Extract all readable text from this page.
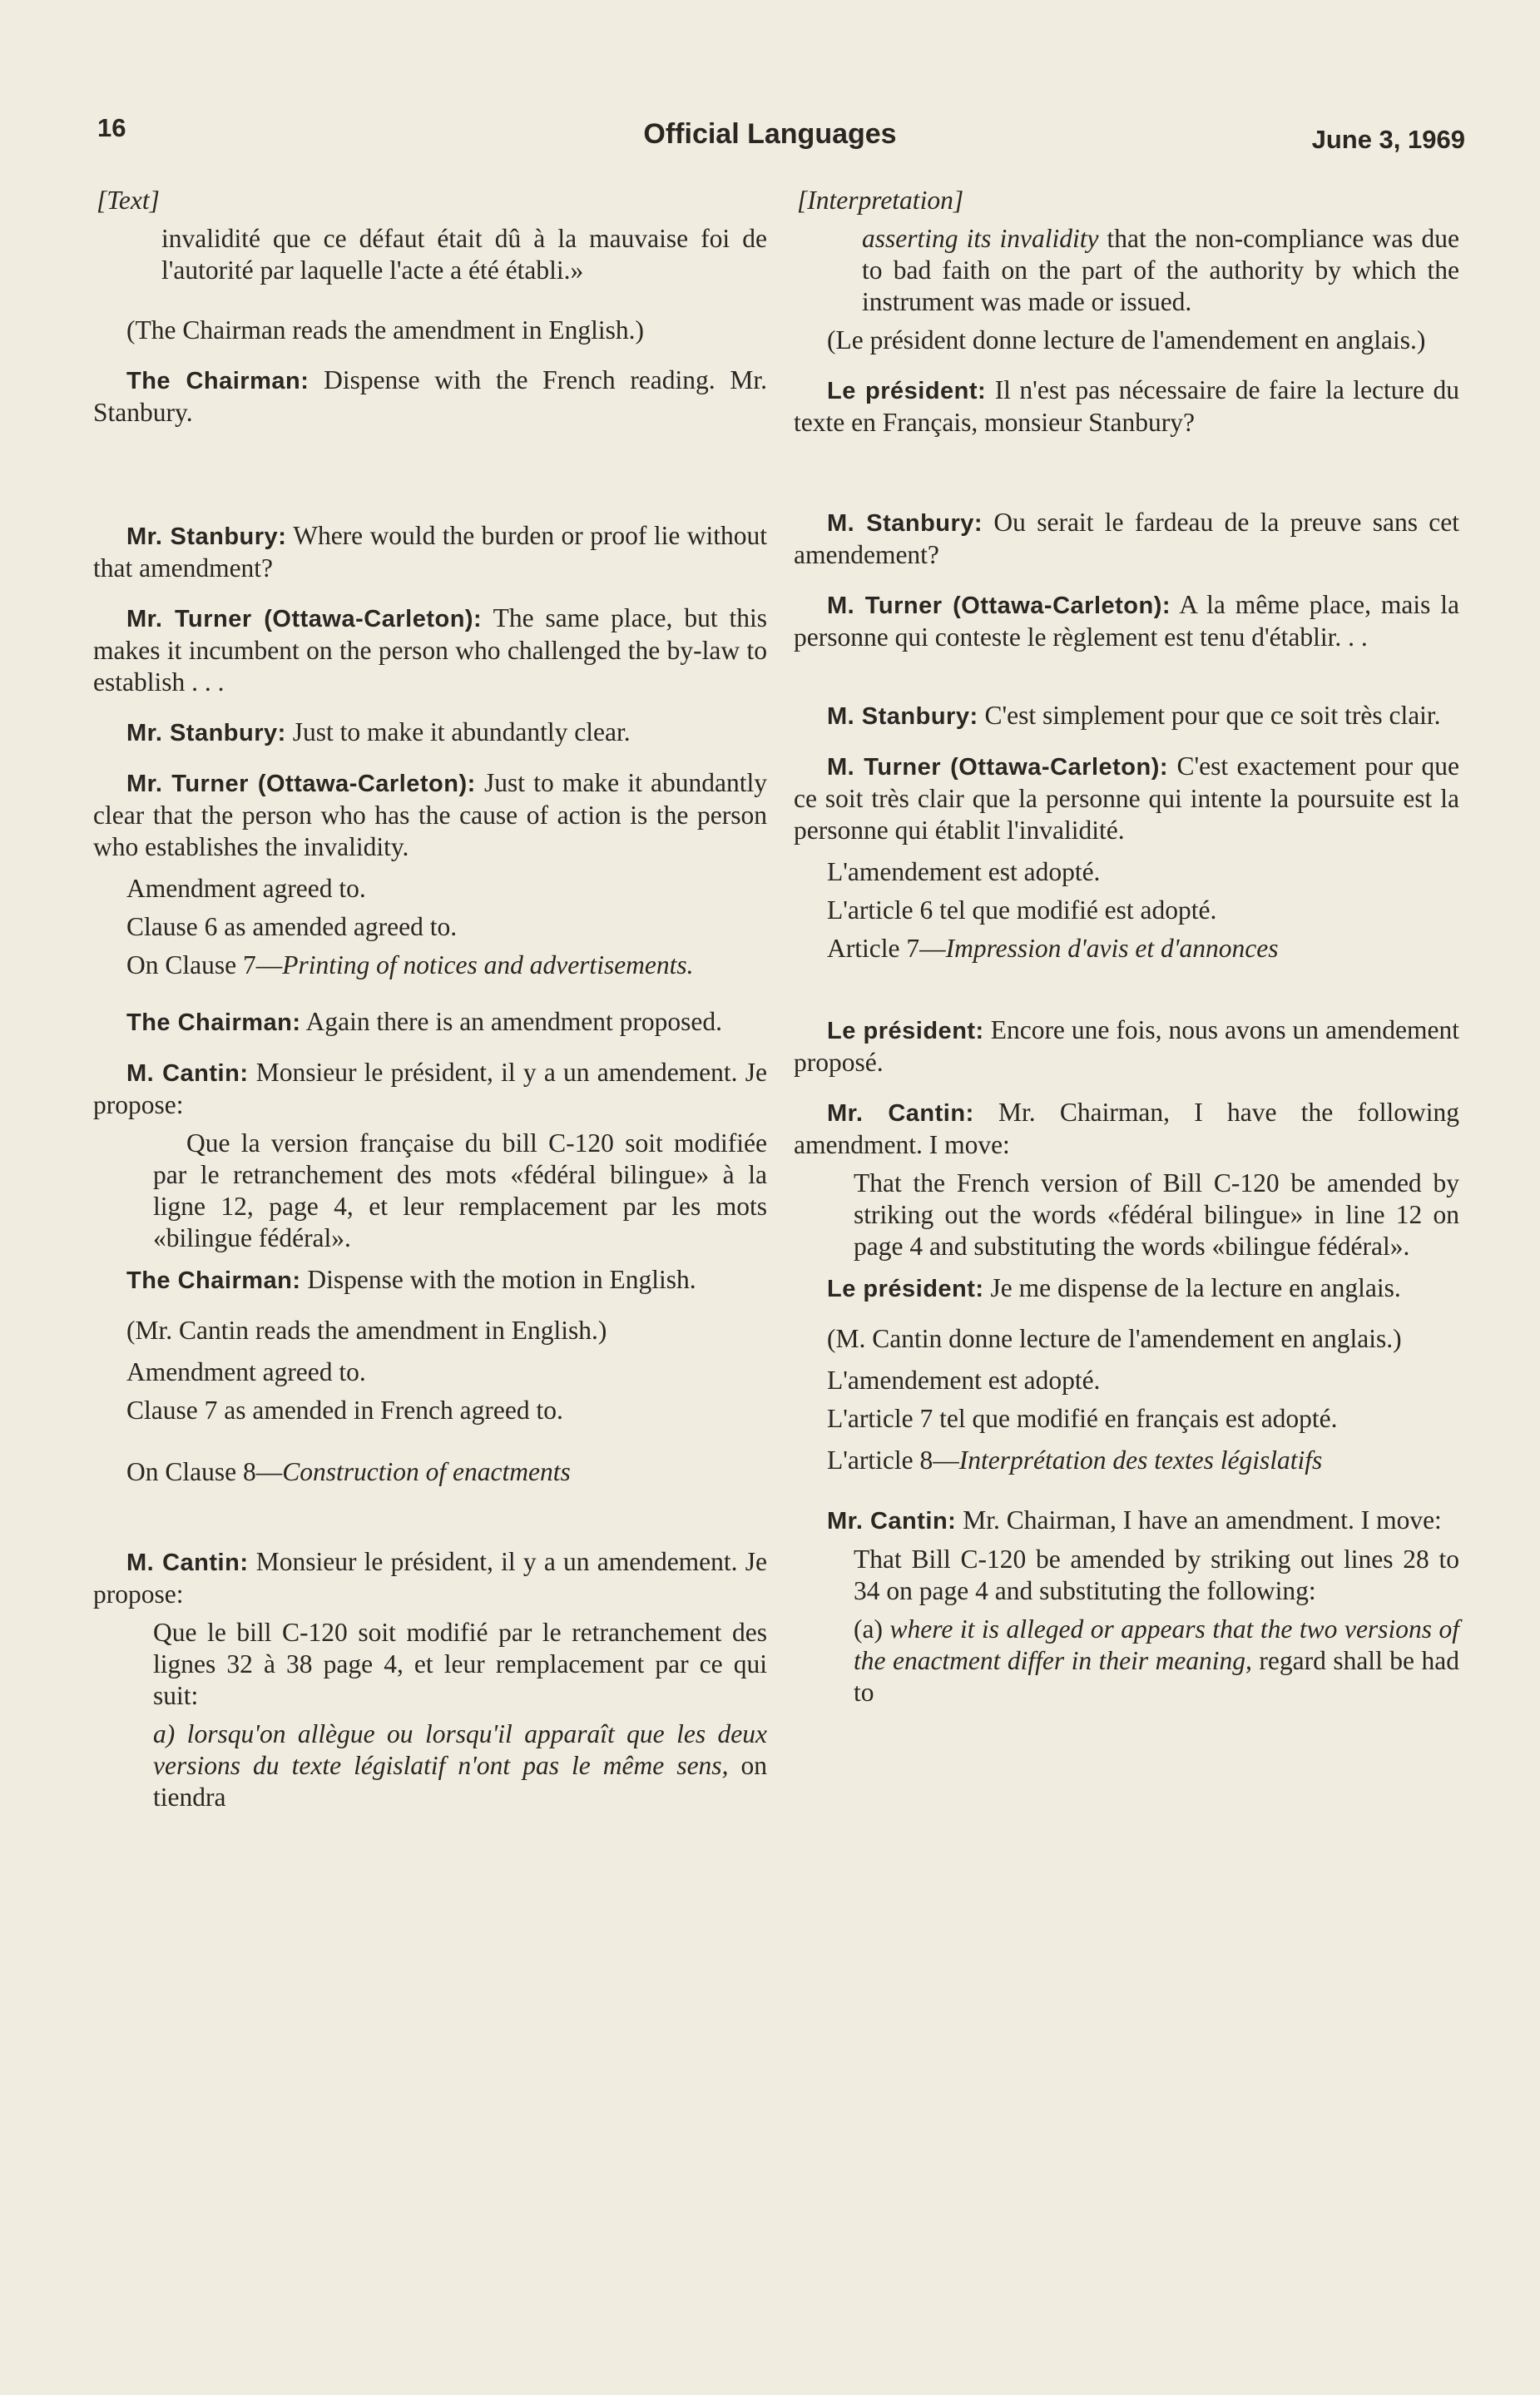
16	Official Languages	June 3, 1969
[Text]

invalidité que ce défaut était dû à la mauvaise foi de l'autorité par laquelle l'acte a été établi.»

(The Chairman reads the amendment in English.)

The Chairman: Dispense with the French reading. Mr. Stanbury.

Mr. Stanbury: Where would the burden or proof lie without that amendment?

Mr. Turner (Ottawa-Carleton): The same place, but this makes it incumbent on the person who challenged the by-law to establish . . .

Mr. Stanbury: Just to make it abundantly clear.

Mr. Turner (Ottawa-Carleton): Just to make it abundantly clear that the person who has the cause of action is the person who establishes the invalidity.

Amendment agreed to.

Clause 6 as amended agreed to.

On Clause 7—Printing of notices and advertisements.

The Chairman: Again there is an amendment proposed.

M. Cantin: Monsieur le président, il y a un amendement. Je propose:

Que la version française du bill C-120 soit modifiée par le retranchement des mots «fédéral bilingue» à la ligne 12, page 4, et leur remplacement par les mots «bilingue fédéral».

The Chairman: Dispense with the motion in English.

(Mr. Cantin reads the amendment in English.)

Amendment agreed to.

Clause 7 as amended in French agreed to.

On Clause 8—Construction of enactments

M. Cantin: Monsieur le président, il y a un amendement. Je propose:

Que le bill C-120 soit modifié par le retranchement des lignes 32 à 38 page 4, et leur remplacement par ce qui suit:

a) lorsqu'on allègue ou lorsqu'il apparaît que les deux versions du texte législatif n'ont pas le même sens, on tiendra

[Interpretation]

asserting its invalidity that the non-compliance was due to bad faith on the part of the authority by which the instrument was made or issued.

(Le président donne lecture de l'amendement en anglais.)

Le président: Il n'est pas nécessaire de faire la lecture du texte en Français, monsieur Stanbury?

M. Stanbury: Ou serait le fardeau de la preuve sans cet amendement?

M. Turner (Ottawa-Carleton): A la même place, mais la personne qui conteste le règlement est tenu d'établir. . .

M. Stanbury: C'est simplement pour que ce soit très clair.

M. Turner (Ottawa-Carleton): C'est exactement pour que ce soit très clair que la personne qui intente la poursuite est la personne qui établit l'invalidité.

L'amendement est adopté.

L'article 6 tel que modifié est adopté.

Article 7—Impression d'avis et d'annonces

Le président: Encore une fois, nous avons un amendement proposé.

Mr. Cantin: Mr. Chairman, I have the following amendment. I move:

That the French version of Bill C-120 be amended by striking out the words «fédéral bilingue» in line 12 on page 4 and substituting the words «bilingue fédéral».

Le président: Je me dispense de la lecture en anglais.

(M. Cantin donne lecture de l'amendement en anglais.)

L'amendement est adopté.

L'article 7 tel que modifié en français est adopté.

L'article 8—Interprétation des textes législatifs

Mr. Cantin: Mr. Chairman, I have an amendment. I move:

That Bill C-120 be amended by striking out lines 28 to 34 on page 4 and substituting the following:

(a) where it is alleged or appears that the two versions of the enactment differ in their meaning, regard shall be had to
